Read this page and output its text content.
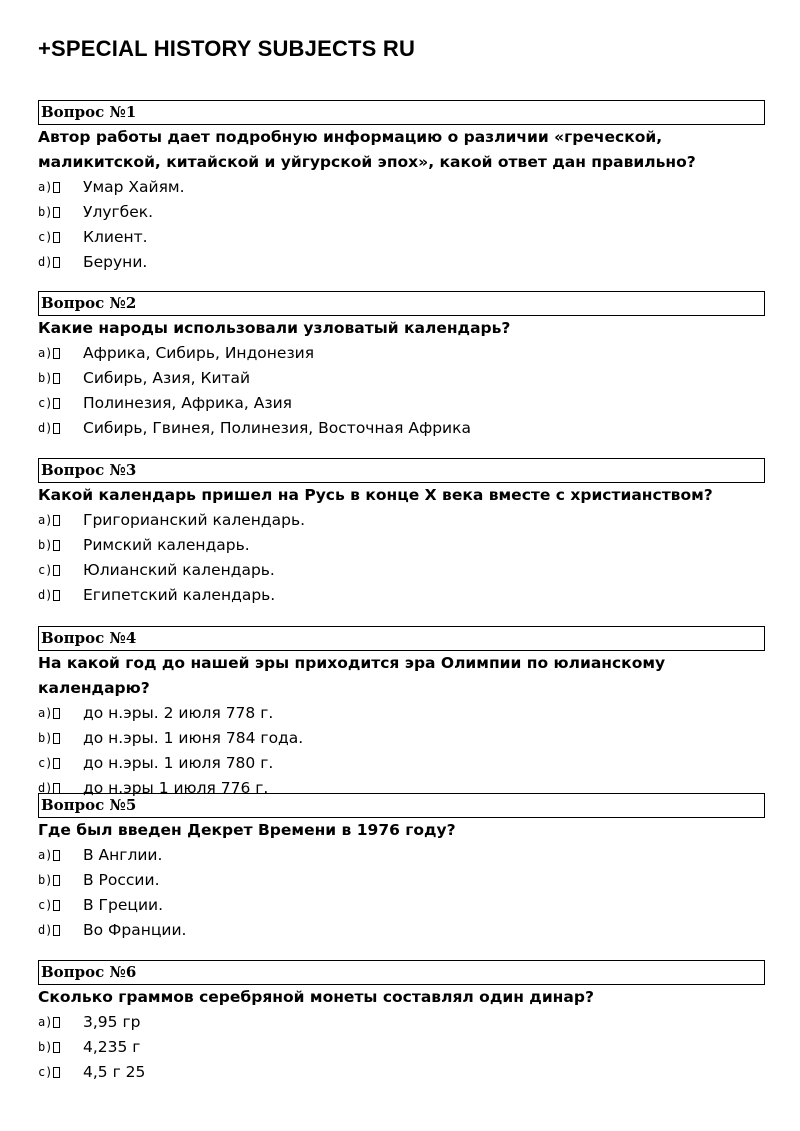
+SPECIAL HISTORY SUBJECTS RU
Вопрос №1
Автор работы дает подробную информацию о различии «греческой, маликитской, китайской и уйгурской эпох», какой ответ дан правильно?
a) Умар Хайям.
b) Улугбек.
c) Клиент.
d) Беруни.
Вопрос №2
Какие народы использовали узловатый календарь?
a) Африка, Сибирь, Индонезия
b) Сибирь, Азия, Китай
c) Полинезия, Африка, Азия
d) Сибирь, Гвинея, Полинезия, Восточная Африка
Вопрос №3
Какой календарь пришел на Русь в конце X века вместе с христианством?
a) Григорианский календарь.
b) Римский календарь.
c) Юлианский календарь.
d) Египетский календарь.
Вопрос №4
На какой год до нашей эры приходится эра Олимпии по юлианскому календарю?
a) до н.эры. 2 июля 778 г.
b) до н.эры. 1 июня 784 года.
c) до н.эры. 1 июля 780 г.
d) до н.эры 1 июля 776 г.
Вопрос №5
Где был введен Декрет Времени в 1976 году?
a) В Англии.
b) В России.
c) В Греции.
d) Во Франции.
Вопрос №6
Сколько граммов серебряной монеты составлял один динар?
a) 3,95 гр
b) 4,235 г
c) 4,5 г 25
